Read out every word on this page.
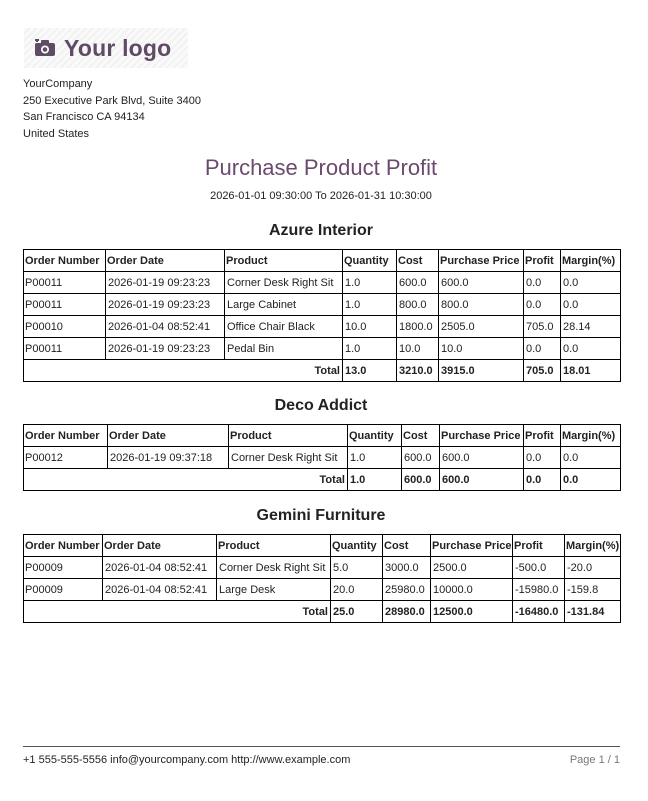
Your logo
YourCompany
250 Executive Park Blvd, Suite 3400
San Francisco CA 94134
United States
Purchase Product Profit
2026-01-01 09:30:00 To 2026-01-31 10:30:00
Azure Interior
Order Number	Order Date	Product	Quantity	Cost	Purchase Price	Profit	Margin(%)
P00011	2026-01-19 09:23:23	Corner Desk Right Sit	1.0	600.0	600.0	0.0	0.0
P00011	2026-01-19 09:23:23	Large Cabinet	1.0	800.0	800.0	0.0	0.0
P00010	2026-01-04 08:52:41	Office Chair Black	10.0	1800.0	2505.0	705.0	28.14
P00011	2026-01-19 09:23:23	Pedal Bin	1.0	10.0	10.0	0.0	0.0
Total			13.0	3210.0	3915.0	705.0	18.01
Deco Addict
Order Number	Order Date	Product	Quantity	Cost	Purchase Price	Profit	Margin(%)
P00012	2026-01-19 09:37:18	Corner Desk Right Sit	1.0	600.0	600.0	0.0	0.0
Total			1.0	600.0	600.0	0.0	0.0
Gemini Furniture
Order Number	Order Date	Product	Quantity	Cost	Purchase Price	Profit	Margin(%)
P00009	2026-01-04 08:52:41	Corner Desk Right Sit	5.0	3000.0	2500.0	-500.0	-20.0
P00009	2026-01-04 08:52:41	Large Desk	20.0	25980.0	10000.0	-15980.0	-159.8
Total			25.0	28980.0	12500.0	-16480.0	-131.84
+1 555-555-5556 info@yourcompany.com http://www.example.com	Page 1 / 1
